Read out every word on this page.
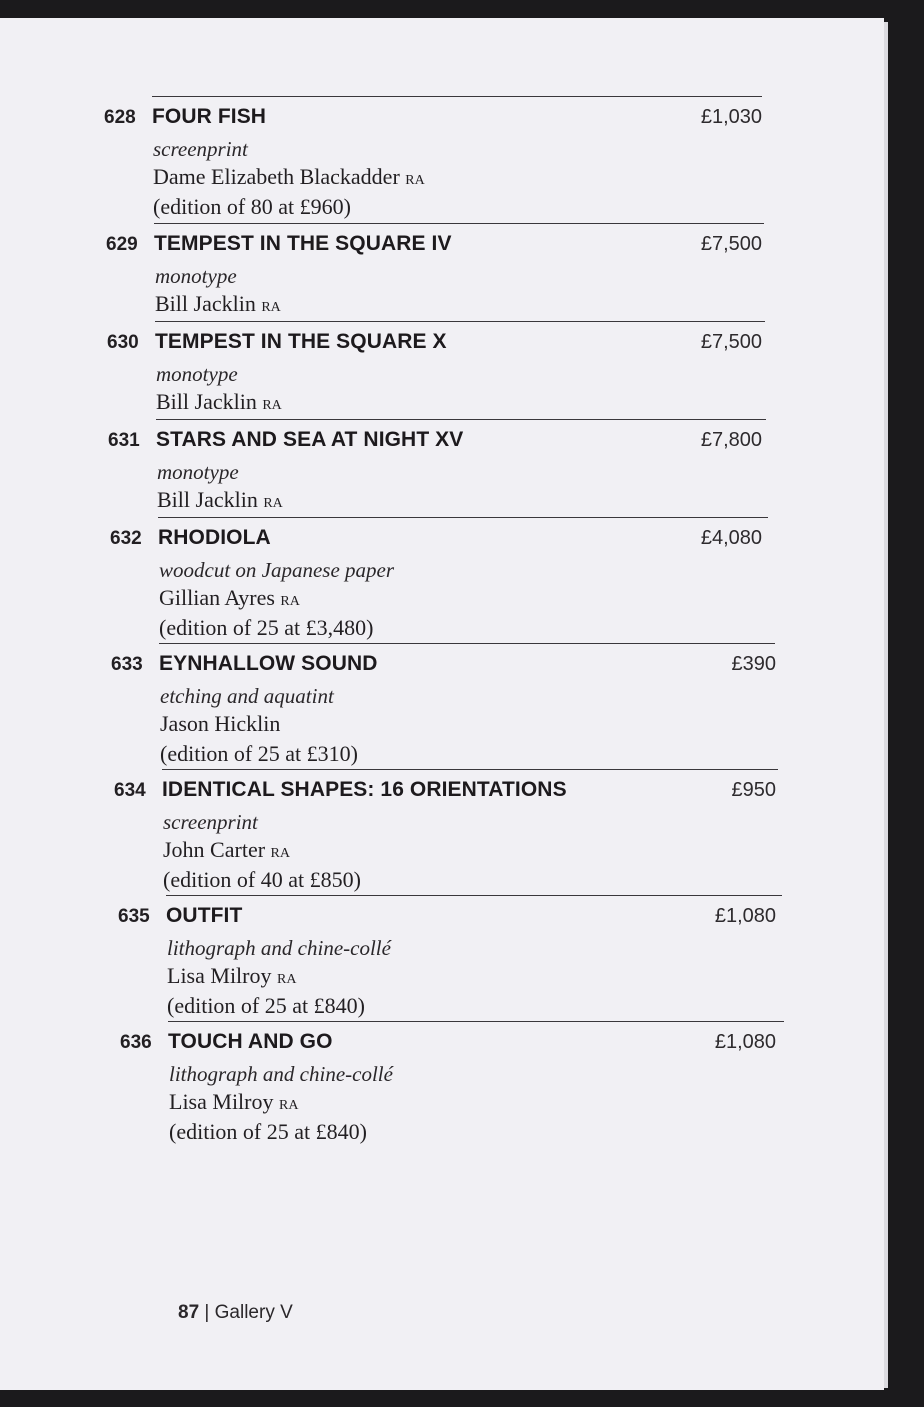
628 FOUR FISH	£1,030
screenprint
Dame Elizabeth Blackadder ra
(edition of 80 at £960)
629 TEMPEST IN THE SQUARE IV	£7,500
monotype
Bill Jacklin ra
630 TEMPEST IN THE SQUARE X	£7,500
monotype
Bill Jacklin ra
631 STARS AND SEA AT NIGHT XV	£7,800
monotype
Bill Jacklin ra
632 RHODIOLA	£4,080
woodcut on Japanese paper
Gillian Ayres ra
(edition of 25 at £3,480)
633 EYNHALLOW SOUND	£390
etching and aquatint
Jason Hicklin
(edition of 25 at £310)
634 IDENTICAL SHAPES: 16 ORIENTATIONS	£950
screenprint
John Carter ra
(edition of 40 at £850)
635 OUTFIT	£1,080
lithograph and chine-collé
Lisa Milroy ra
(edition of 25 at £840)
636 TOUCH AND GO	£1,080
lithograph and chine-collé
Lisa Milroy ra
(edition of 25 at £840)
87 | Gallery V
